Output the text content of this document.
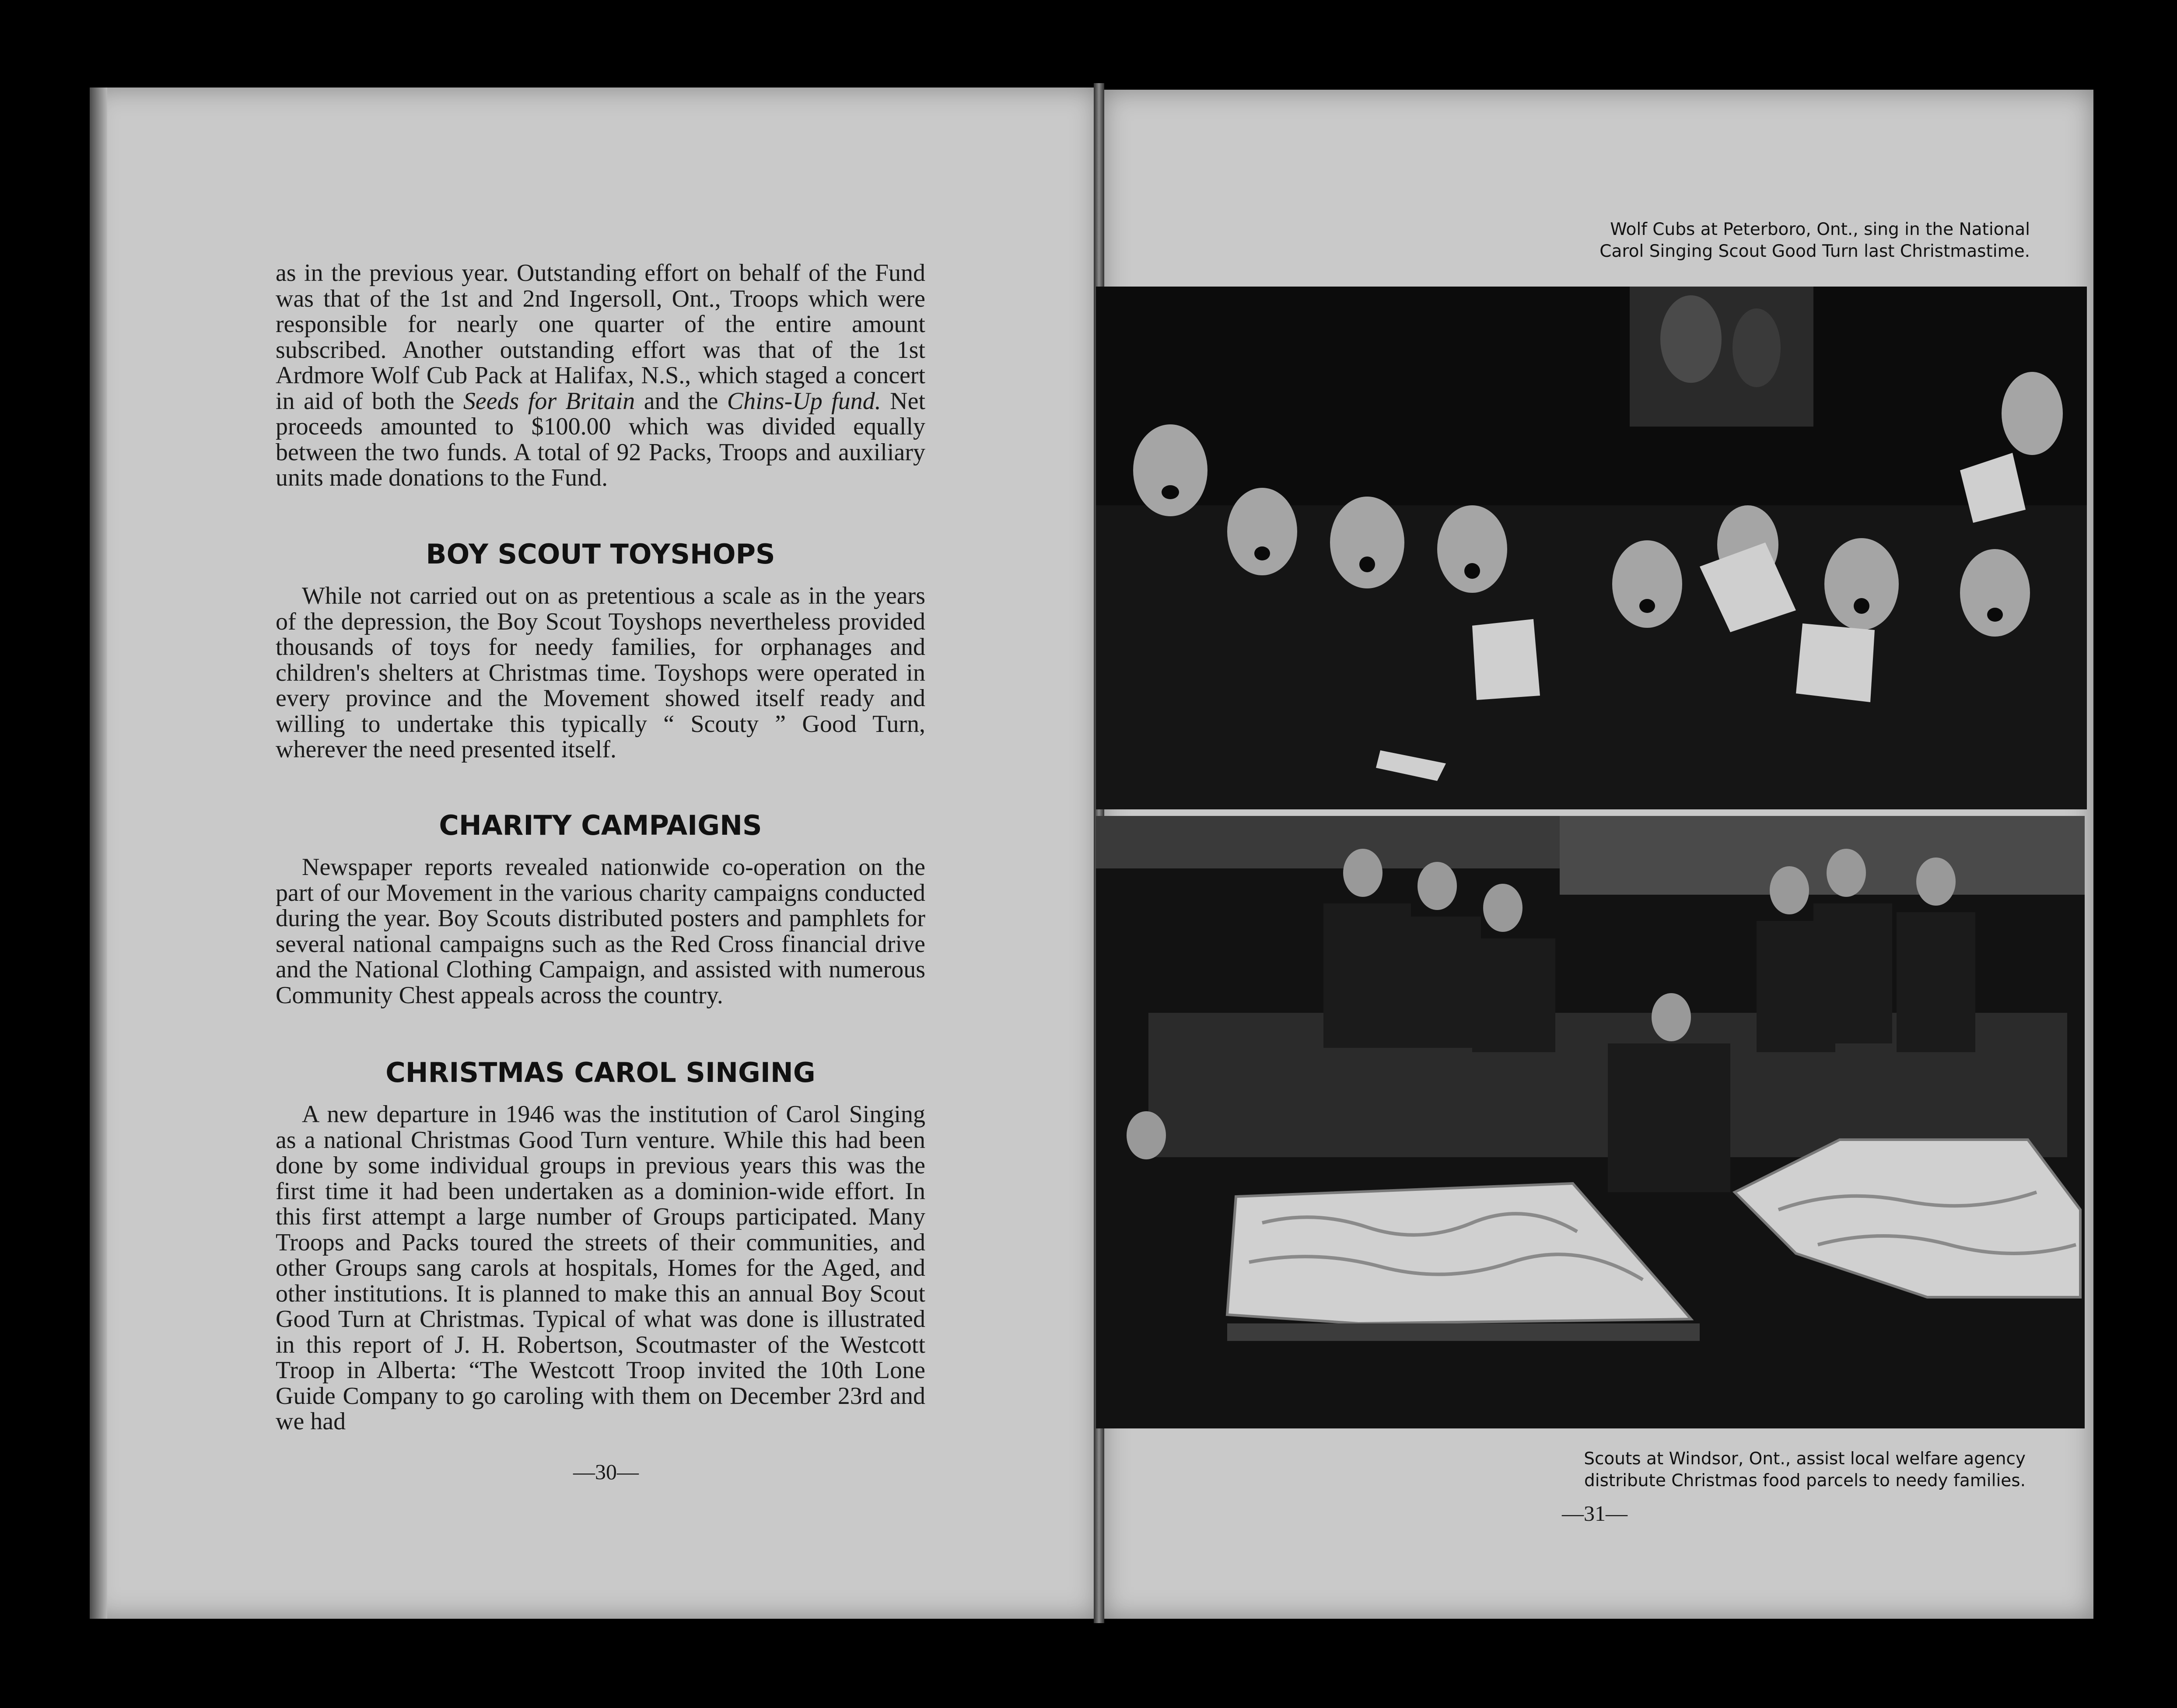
as in the previous year. Outstanding effort on behalf of the Fund was that of the 1st and 2nd Ingersoll, Ont., Troops which were responsible for nearly one quarter of the entire amount subscribed. Another outstanding effort was that of the 1st Ardmore Wolf Cub Pack at Halifax, N.S., which staged a concert in aid of both the Seeds for Britain and the Chins-Up fund. Net proceeds amounted to $100.00 which was divided equally between the two funds. A total of 92 Packs, Troops and auxiliary units made donations to the Fund.

BOY SCOUT TOYSHOPS

While not carried out on as pretentious a scale as in the years of the depression, the Boy Scout Toyshops nevertheless provided thousands of toys for needy families, for orphanages and children's shelters at Christmas time. Toyshops were operated in every province and the Movement showed itself ready and willing to undertake this typically “ Scouty ” Good Turn, wherever the need presented itself.

CHARITY CAMPAIGNS

Newspaper reports revealed nationwide co-operation on the part of our Movement in the various charity campaigns conducted during the year. Boy Scouts distributed posters and pamphlets for several national campaigns such as the Red Cross financial drive and the National Clothing Campaign, and assisted with numerous Community Chest appeals across the country.

CHRISTMAS CAROL SINGING

A new departure in 1946 was the institution of Carol Singing as a national Christmas Good Turn venture. While this had been done by some individual groups in previous years this was the first time it had been undertaken as a dominion-wide effort. In this first attempt a large number of Groups participated. Many Troops and Packs toured the streets of their communities, and other Groups sang carols at hospitals, Homes for the Aged, and other institutions. It is planned to make this an annual Boy Scout Good Turn at Christmas. Typical of what was done is illustrated in this report of J. H. Robertson, Scoutmaster of the Westcott Troop in Alberta: “The Westcott Troop invited the 10th Lone Guide Company to go caroling with them on December 23rd and we had

—30—
Wolf Cubs at Peterboro, Ont., sing in the National
Carol Singing Scout Good Turn last Christmastime.
Scouts at Windsor, Ont., assist local welfare agency
distribute Christmas food parcels to needy families.
—31—
